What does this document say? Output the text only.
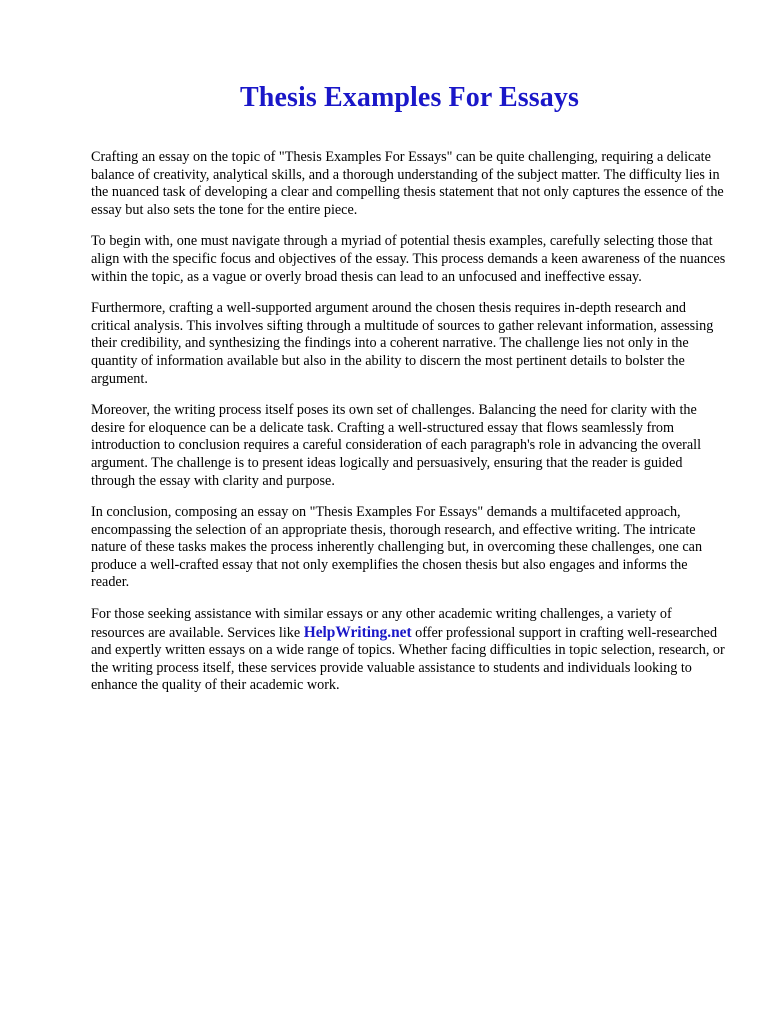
Thesis Examples For Essays

Crafting an essay on the topic of "Thesis Examples For Essays" can be quite challenging, requiring a delicate balance of creativity, analytical skills, and a thorough understanding of the subject matter. The difficulty lies in the nuanced task of developing a clear and compelling thesis statement that not only captures the essence of the essay but also sets the tone for the entire piece.

To begin with, one must navigate through a myriad of potential thesis examples, carefully selecting those that align with the specific focus and objectives of the essay. This process demands a keen awareness of the nuances within the topic, as a vague or overly broad thesis can lead to an unfocused and ineffective essay.

Furthermore, crafting a well-supported argument around the chosen thesis requires in-depth research and critical analysis. This involves sifting through a multitude of sources to gather relevant information, assessing their credibility, and synthesizing the findings into a coherent narrative. The challenge lies not only in the quantity of information available but also in the ability to discern the most pertinent details to bolster the argument.

Moreover, the writing process itself poses its own set of challenges. Balancing the need for clarity with the desire for eloquence can be a delicate task. Crafting a well-structured essay that flows seamlessly from introduction to conclusion requires a careful consideration of each paragraph's role in advancing the overall argument. The challenge is to present ideas logically and persuasively, ensuring that the reader is guided through the essay with clarity and purpose.

In conclusion, composing an essay on "Thesis Examples For Essays" demands a multifaceted approach, encompassing the selection of an appropriate thesis, thorough research, and effective writing. The intricate nature of these tasks makes the process inherently challenging but, in overcoming these challenges, one can produce a well-crafted essay that not only exemplifies the chosen thesis but also engages and informs the reader.

For those seeking assistance with similar essays or any other academic writing challenges, a variety of resources are available. Services like HelpWriting.net offer professional support in crafting well-researched and expertly written essays on a wide range of topics. Whether facing difficulties in topic selection, research, or the writing process itself, these services provide valuable assistance to students and individuals looking to enhance the quality of their academic work.
